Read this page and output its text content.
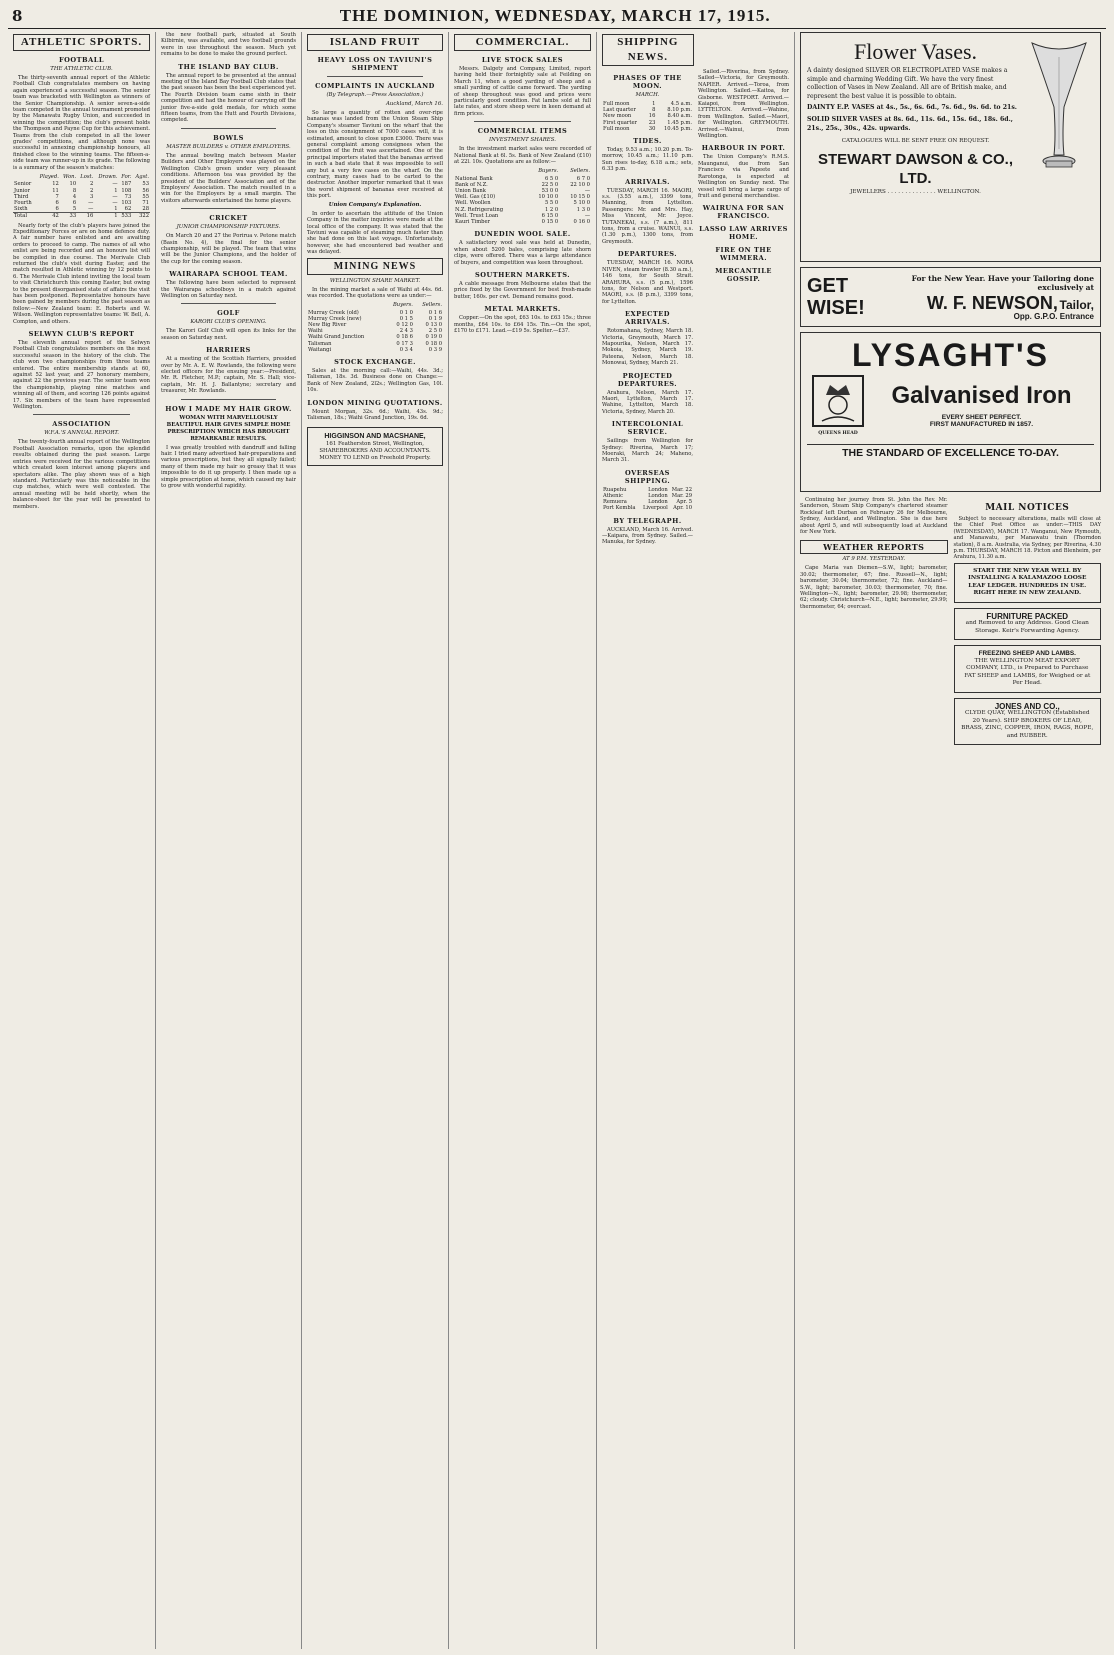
8	THE DOMINION, WEDNESDAY, MARCH 17, 1915.
ATHLETIC SPORTS.
FOOTBALL
THE ATHLETIC CLUB.

The thirty-seventh annual report of the Athletic Football Club congratulates members on having again experienced a successful season. The senior team was bracketed with Wellington as winners of the Senior Championship. A senior seven-a-side team competed in the annual tournament promoted by the Manawatu Rugby Union, and succeeded in winning the competition; the club's present holds the Thompson and Payne Cup for this achievement. Teams from the club competed in all the lower grades' competitions, and although none was successful in annexing championship honours, all finished close to the winning teams. The fifteen-a-side team was runner-up in its grade. The following is a summary of the season's matches:

	Played.	Won.	Lost.	Drawn.	For.	Agst.
Senior	12	10	2	—	187	53
Junior	11	8	2	1	108	56
Third	7	4	3	—	73	55
Fourth	6	6	—	—	103	71
Sixth	6	5	—	1	62	28
Total	42	33	16	1	533	322

Nearly forty of the club's players have joined the Expeditionary Forces or are on home defence duty. A fair number have enlisted and are awaiting orders to proceed to camp. The names of all who enlist are being recorded and an honours list will be compiled in due course. The Merivale Club returned the club's visit during Easter, and the match resulted in Athletic winning by 12 points to 6. The Merivale Club intend inviting the local team to visit Christchurch this coming Easter, but owing to the present disorganised state of affairs the visit has been postponed. Representative honours have been gained by members during the past season as follow:—New Zealand team: E. Roberts and W. Wilson. Wellington representative teams: W. Bell, A. Compton, and others.

SELWYN CLUB'S REPORT

The eleventh annual report of the Selwyn Football Club congratulates members on the most successful season in the history of the club. The club won two championships from three teams entered. The entire membership stands at 60, against 52 last year, and 27 honorary members, against 22 the previous year. The senior team won the championship, playing nine matches and winning all of them, and scoring 126 points against 17. Six members of the team have represented Wellington.

ASSOCIATION
W.F.A.'S ANNUAL REPORT.

The twenty-fourth annual report of the Wellington Football Association remarks, upon the splendid results obtained during the past season. Large entries were received for the various competitions which created keen interest among players and spectators alike. The play shown was of a high standard. Particularly was this noticeable in the cup matches, which were well contested. The annual meeting will be held shortly, when the balance-sheet for the year will be presented to members.

the new football park, situated at South Kilbirnie, was available, and two football grounds were in use throughout the season. Much yet remains to be done to make the ground perfect.

THE ISLAND BAY CLUB.

The annual report to be presented at the annual meeting of the Island Bay Football Club states that the past season has been the best experienced yet. The Fourth Division team came sixth in their competition and had the honour of carrying off the junior five-a-side gold medals, for which some fifteen teams, from the Hutt and Fourth Divisions, competed.

BOWLS
MASTER BUILDERS v. OTHER EMPLOYERS.

The annual bowling match between Master Builders and Other Employers was played on the Wellington Club's green under very pleasant conditions. Afternoon tea was provided by the president of the Builders' Association and of the Employers' Association. The match resulted in a win for the Employers by a small margin. The visitors afterwards entertained the home players.

CRICKET
JUNIOR CHAMPIONSHIP FIXTURES.

On March 20 and 27 the Porirua v. Petone match (Basin No. 4), the final for the senior championship, will be played. The team that wins will be the Junior Champions, and the holder of the cup for the coming season.

WAIRARAPA SCHOOL TEAM.

The following have been selected to represent the Wairarapa schoolboys in a match against Wellington on Saturday next.

GOLF
KARORI CLUB'S OPENING.

The Karori Golf Club will open its links for the season on Saturday next.

HARRIERS

At a meeting of the Scottish Harriers, presided over by Mr. A. E. W. Rowlands, the following were elected officers for the ensuing year:—President, Mr. R. Fletcher, M.P.; captain, Mr. S. Hall; vice-captain, Mr. H. J. Ballantyne; secretary and treasurer, Mr. Rowlands.

HOW I MADE MY HAIR GROW.
WOMAN WITH MARVELLOUSLY BEAUTIFUL HAIR GIVES SIMPLE HOME PRESCRIPTION WHICH HAS BROUGHT REMARKABLE RESULTS.

I was greatly troubled with dandruff and falling hair. I tried many advertised hair-preparations and various prescriptions, but they all signally failed; many of them made my hair so greasy that it was impossible to do it up properly. I then made up a simple prescription at home, which caused my hair to grow with wonderful rapidity.

ISLAND FRUIT
HEAVY LOSS ON TAVIUNI'S SHIPMENT
COMPLAINTS IN AUCKLAND
(By Telegraph.—Press Association.)
Auckland, March 16.

So large a quantity of rotten and over-ripe bananas was landed from the Union Steam Ship Company's steamer Taviuni on the wharf that the loss on this consignment of 7000 cases will, it is estimated, amount to close upon £3000. There was general complaint among consignees when the condition of the fruit was ascertained. One of the principal importers stated that the bananas arrived in such a bad state that it was impossible to sell any but a very few cases on the wharf. On the contrary, many cases had to be carted to the destructor. Another importer remarked that it was the worst shipment of bananas ever received at this port.

Union Company's Explanation.

In order to ascertain the attitude of the Union Company in the matter inquiries were made at the local office of the company. It was stated that the Taviuni was capable of steaming much faster than she had done on this last voyage. Unfortunately, however, she had encountered bad weather and was delayed.

MINING NEWS
WELLINGTON SHARE MARKET.

In the mining market a sale of Waihi at 44s. 6d. was recorded. The quotations were as under:—

	Buyers.	Sellers.
Murray Creek (old)	0 1 0	0 1 6
Murray Creek (new)	0 1 5	0 1 9
New Big River	0 12 0	0 13 0
Waihi	2 4 3	2 5 0
Waihi Grand Junction	0 18 6	0 19 0
Talisman	0 17 3	0 18 0
Waitangi	0 3 4	0 3 9
STOCK EXCHANGE.

Sales at the morning call:—Waihi, 44s. 3d.; Talisman, 18s. 3d. Business done on Change:—Bank of New Zealand, 2l2s.; Wellington Gas, 10l. 10s.

LONDON MINING QUOTATIONS.

Mount Morgan, 32s. 6d.; Waihi, 43s. 9d.; Talisman, 18s.; Waihi Grand Junction, 19s. 6d.

HIGGINSON AND MACSHANE,
161 Featherston Street, Wellington, SHAREBROKERS AND ACCOUNTANTS. MONEY TO LEND on Freehold Property.
COMMERCIAL.
LIVE STOCK SALES

Messrs. Dalgety and Company, Limited, report having held their fortnightly sale at Feilding on March 11, when a good yarding of sheep and a small yarding of cattle came forward. The yarding of sheep throughout was good and prices were particularly good condition. Fat lambs sold at full late rates, and store sheep were in keen demand at firm prices.

COMMERCIAL ITEMS
INVESTMENT SHARES.

In the investment market sales were recorded of National Bank at 6l. 5s. Bank of New Zealand (£10) at 22l. 10s. Quotations are as follow:—

	Buyers.	Sellers.
National Bank	6 5 0	6 7 0
Bank of N.Z.	22 5 0	22 10 0
Union Bank	53 0 0	—
Well. Gas (£10)	10 10 0	10 15 0
Well. Woollen	5 5 0	5 10 0
N.Z. Refrigerating	1 2 0	1 3 0
Well. Trust Loan	6 15 0	—
Kauri Timber	0 15 0	0 16 0
DUNEDIN WOOL SALE.

A satisfactory wool sale was held at Dunedin, when about 5200 bales, comprising late shorn clips, were offered. There was a large attendance of buyers, and competition was keen throughout.

SOUTHERN MARKETS.

A cable message from Melbourne states that the price fixed by the Government for best fresh-made butter, 160s. per cwt. Demand remains good.

METAL MARKETS.

Copper.—On the spot, £63 10s. to £63 15s.; three months, £64 10s. to £64 15s. Tin.—On the spot, £170 to £171. Lead.—£19 5s. Spelter.—£37.

SHIPPING NEWS.
PHASES OF THE MOON.
MARCH.
Full moon	1	4.5 a.m.
Last quarter	8	8.10 p.m.
New moon	16	8.40 a.m.
First quarter	23	1.45 p.m.
Full moon	30	10.45 p.m.
TIDES.

Today, 9.53 a.m.; 10.20 p.m. To-morrow, 10.45 a.m.; 11.10 p.m. Sun rises to-day, 6.18 a.m.; sets, 6.33 p.m.

ARRIVALS.

TUESDAY, MARCH 16. MAORI, s.s. (3.55 a.m.), 3399 tons, Manning, from Lyttelton. Passengers: Mr. and Mrs. Hay, Miss Vincent, Mr. Joyce. TUTANEKAI, s.s. (7 a.m.), 811 tons, from a cruise. WAINUI, s.s. (1.30 p.m.), 1300 tons, from Greymouth.

DEPARTURES.

TUESDAY, MARCH 16. NORA NIVEN, steam trawler (8.30 a.m.), 146 tons, for South Strait. ARAHURA, s.s. (5 p.m.), 1596 tons, for Nelson and Westport. MAORI, s.s. (8 p.m.), 3399 tons, for Lyttelton.

EXPECTED ARRIVALS.

Rotomahana, Sydney, March 18. Victoria, Greymouth, March 17. Mapourika, Nelson, March 17. Mokoia, Sydney, March 19. Pateena, Nelson, March 18. Monowai, Sydney, March 21.

PROJECTED DEPARTURES.

Arahura, Nelson, March 17. Maori, Lyttelton, March 17. Wahine, Lyttelton, March 18. Victoria, Sydney, March 20.

INTERCOLONIAL SERVICE.

Sailings from Wellington for Sydney: Riverina, March 17; Moeraki, March 24; Maheno, March 31.

OVERSEAS SHIPPING.
Ruapehu	London	Mar. 22
Athenic	London	Mar. 29
Remuera	London	Apr. 5
Port Kembla	Liverpool	Apr. 10
BY TELEGRAPH.

AUCKLAND, March 16. Arrived.—Kaipara, from Sydney. Sailed.—Manuka, for Sydney.

Sailed.—Riverina, from Sydney. Sailed—Victoria, for Greymouth. NAPIER. Arrived.—Toroa, from Wellington. Sailed.—Kaitoa, for Gisborne. WESTPORT. Arrived.—Kaiapoi, from Wellington. LYTTELTON. Arrived.—Wahine, from Wellington. Sailed.—Maori, for Wellington. GREYMOUTH. Arrived.—Wainui, from Wellington.

HARBOUR IN PORT.

The Union Company's R.M.S. Maunganui, due from San Francisco via Papeete and Rarotonga, is expected at Wellington on Sunday next. The vessel will bring a large cargo of fruit and general merchandise.

WAIRUNA FOR SAN FRANCISCO.
LASSO LAW ARRIVES HOME.
FIRE ON THE WIMMERA.
MERCANTILE GOSSIP.
Flower Vases.
A dainty designed SILVER OR ELECTROPLATED VASE makes a simple and charming Wedding Gift. We have the very finest collection of Vases in New Zealand. All are of British make, and represent the best value it is possible to obtain.
DAINTY E.P. VASES at 4s., 5s., 6s. 6d., 7s. 6d., 9s. 6d. to 21s.
SOLID SILVER VASES at 8s. 6d., 11s. 6d., 15s. 6d., 18s. 6d., 21s., 25s., 30s., 42s. upwards.
CATALOGUES WILL BE SENT FREE ON REQUEST.
STEWART DAWSON & CO., LTD.
JEWELLERS . . . . . . . . . . . . . . WELLINGTON.
GET WISE!
For the New Year. Have your Tailoring done exclusively at
W. F. NEWSON, Tailor,
Opp. G.P.O. Entrance
LYSAGHT'S
QUEENS HEAD
Galvanised Iron
EVERY SHEET PERFECT.
FIRST MANUFACTURED IN 1857.
THE STANDARD OF EXCELLENCE TO-DAY.

Continuing her journey from St. John the Rev. Mr. Sanderson, Steam Ship Company's chartered steamer Rockleaf left Durban on February 26 for Melbourne, Sydney, Auckland, and Wellington. She is due here about April 5, and will subsequently load at Auckland for New York.

WEATHER REPORTS
AT 9 P.M. YESTERDAY.

Cape Maria van Diemen—S.W., light; barometer, 30.02; thermometer, 67; fine. Russell—N., light; barometer, 30.04; thermometer, 72; fine. Auckland—S.W., light; barometer, 30.03; thermometer, 70; fine. Wellington—N., light; barometer, 29.98; thermometer, 62; cloudy. Christchurch—N.E., light; barometer, 29.99; thermometer, 64; overcast.

MAIL NOTICES

Subject to necessary alterations, mails will close at the Chief Post Office as under:—THIS DAY (WEDNESDAY), MARCH 17. Wanganui, New Plymouth, and Manawatu, per Manawatu train (Thorndon station), 8 a.m. Australia, via Sydney, per Riverina, 4.30 p.m. THURSDAY, MARCH 18. Picton and Blenheim, per Arahura, 11.30 a.m.

START THE NEW YEAR WELL BY INSTALLING A KALAMAZOO LOOSE LEAF LEDGER. HUNDREDS IN USE. RIGHT HERE IN NEW ZEALAND.
FURNITURE PACKED
and Removed to any Address. Good Clean Storage. Keir's Forwarding Agency.
FREEZING SHEEP AND LAMBS.
THE WELLINGTON MEAT EXPORT COMPANY, LTD., is Prepared to Purchase FAT SHEEP and LAMBS, for Weighed or at Per Head.
JONES AND CO.,
CLYDE QUAY, WELLINGTON (Established 20 Years). SHIP BROKERS OF LEAD, BRASS, ZINC, COPPER, IRON, RAGS, ROPE, and RUBBER.
